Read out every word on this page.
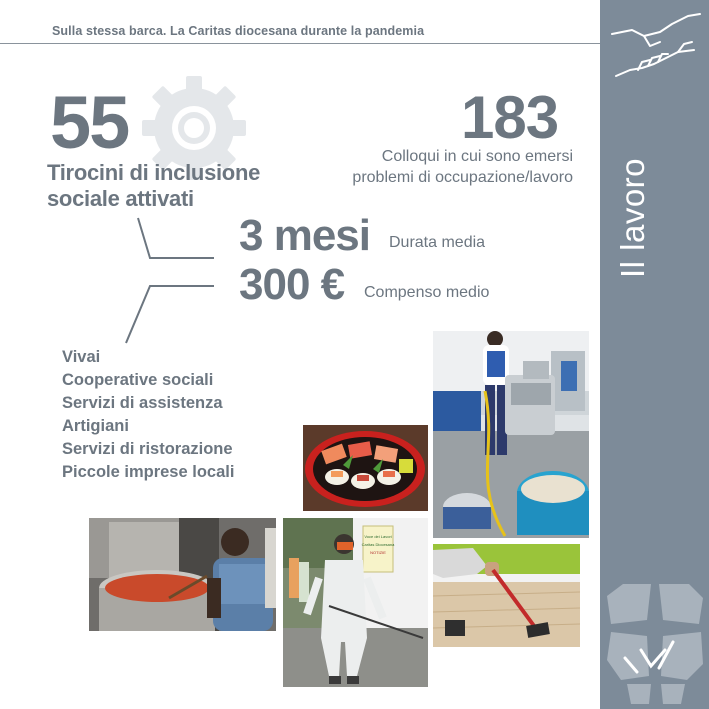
Sulla stessa barca. La Caritas diocesana durante la pandemia
55
Tirocini di inclusione
sociale attivati
183
Colloqui in cui sono emersi
problemi di occupazione/lavoro
3 mesi Durata media
300 € Compenso medio
Vivai
Cooperative sociali
Servizi di assistenza
Artigiani
Servizi di ristorazione
Piccole imprese locali
Il lavoro
Voce dei Lavori
Caritas Diocesana
NOTIZIE
